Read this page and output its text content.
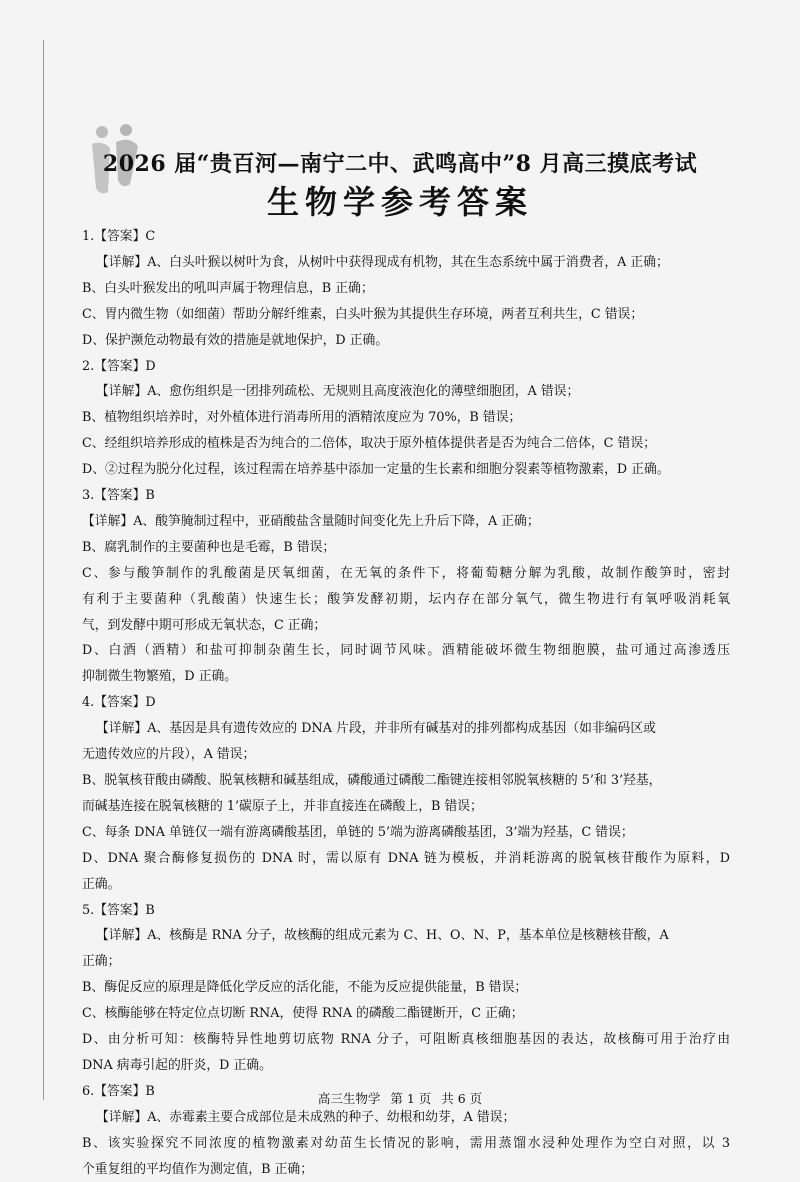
2026 届“贵百河—南宁二中、武鸣高中”8 月高三摸底考试
生物学参考答案

1.【答案】C

【详解】A、白头叶猴以树叶为食，从树叶中获得现成有机物，其在生态系统中属于消费者，A 正确；

B、白头叶猴发出的吼叫声属于物理信息，B 正确；

C、胃内微生物（如细菌）帮助分解纤维素，白头叶猴为其提供生存环境，两者互利共生，C 错误；

D、保护濒危动物最有效的措施是就地保护，D 正确。

2.【答案】D

【详解】A、愈伤组织是一团排列疏松、无规则且高度液泡化的薄壁细胞团，A 错误；

B、植物组织培养时，对外植体进行消毒所用的酒精浓度应为 70%，B 错误；

C、经组织培养形成的植株是否为纯合的二倍体，取决于原外植体提供者是否为纯合二倍体，C 错误；

D、②过程为脱分化过程，该过程需在培养基中添加一定量的生长素和细胞分裂素等植物激素，D 正确。

3.【答案】B

【详解】A、酸笋腌制过程中，亚硝酸盐含量随时间变化先上升后下降，A 正确；

B、腐乳制作的主要菌种也是毛霉，B 错误；

C、参与酸笋制作的乳酸菌是厌氧细菌，在无氧的条件下，将葡萄糖分解为乳酸，故制作酸笋时，密封

有利于主要菌种（乳酸菌）快速生长；酸笋发酵初期，坛内存在部分氧气，微生物进行有氧呼吸消耗氧

气，到发酵中期可形成无氧状态，C 正确；

D、白酒（酒精）和盐可抑制杂菌生长，同时调节风味。酒精能破坏微生物细胞膜，盐可通过高渗透压

抑制微生物繁殖，D 正确。

4.【答案】D

【详解】A、基因是具有遗传效应的 DNA 片段，并非所有碱基对的排列都构成基因（如非编码区或

无遗传效应的片段），A 错误；

B、脱氧核苷酸由磷酸、脱氧核糖和碱基组成，磷酸通过磷酸二酯键连接相邻脱氧核糖的 5’和 3’羟基，

而碱基连接在脱氧核糖的 1’碳原子上，并非直接连在磷酸上，B 错误；

C、每条 DNA 单链仅一端有游离磷酸基团，单链的 5’端为游离磷酸基团，3’端为羟基，C 错误；

D、DNA 聚合酶修复损伤的 DNA 时，需以原有 DNA 链为模板，并消耗游离的脱氧核苷酸作为原料，D

正确。

5.【答案】B

【详解】A、核酶是 RNA 分子，故核酶的组成元素为 C、H、O、N、P，基本单位是核糖核苷酸，A

正确；

B、酶促反应的原理是降低化学反应的活化能，不能为反应提供能量，B 错误；

C、核酶能够在特定位点切断 RNA，使得 RNA 的磷酸二酯键断开，C 正确；

D、由分析可知：核酶特异性地剪切底物 RNA 分子，可阻断真核细胞基因的表达，故核酶可用于治疗由

DNA 病毒引起的肝炎，D 正确。

6.【答案】B

【详解】A、赤霉素主要合成部位是未成熟的种子、幼根和幼芽，A 错误；

B、该实验探究不同浓度的植物激素对幼苗生长情况的影响，需用蒸馏水浸种处理作为空白对照，以 3

个重复组的平均值作为测定值，B 正确；

高三生物学 第 1 页 共 6 页
